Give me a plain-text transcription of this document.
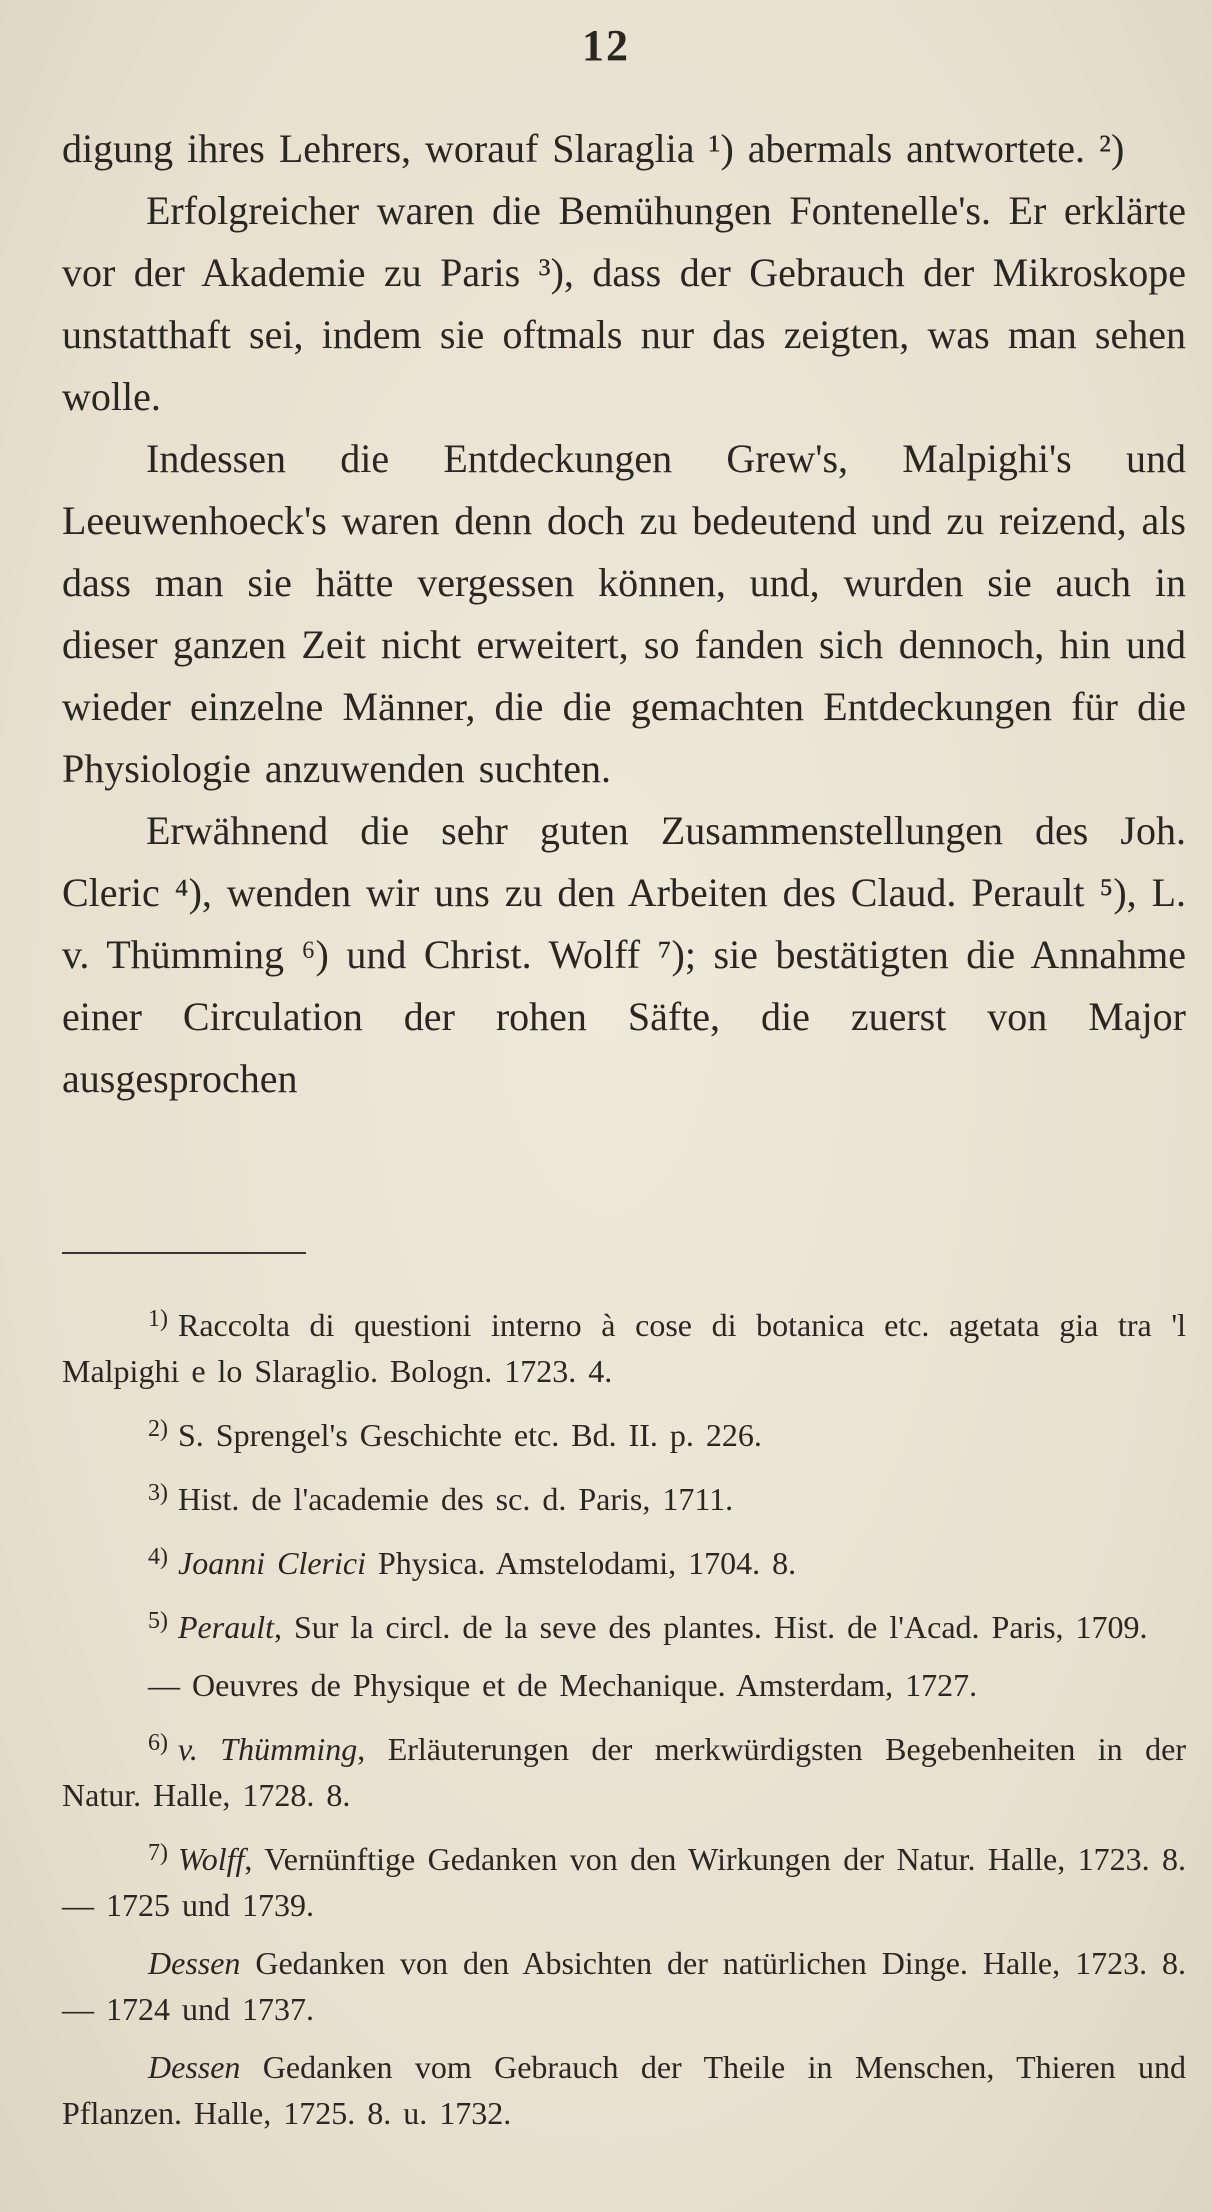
12

digung ihres Lehrers, worauf Slaraglia ¹) abermals antwortete. ²)

Erfolgreicher waren die Bemühungen Fontenelle's. Er erklärte vor der Akademie zu Paris ³), dass der Gebrauch der Mikroskope unstatthaft sei, indem sie oftmals nur das zeigten, was man sehen wolle.

Indessen die Entdeckungen Grew's, Malpighi's und Leeuwenhoeck's waren denn doch zu bedeutend und zu reizend, als dass man sie hätte vergessen können, und, wurden sie auch in dieser ganzen Zeit nicht erweitert, so fanden sich dennoch, hin und wieder einzelne Männer, die die gemachten Entdeckungen für die Physiologie anzuwenden suchten.

Erwähnend die sehr guten Zusammenstellungen des Joh. Cleric ⁴), wenden wir uns zu den Arbeiten des Claud. Perault ⁵), L. v. Thümming ⁶) und Christ. Wolff ⁷); sie bestätigten die Annahme einer Circulation der rohen Säfte, die zuerst von Major ausgesprochen

$^{1)}$ Raccolta di questioni interno à cose di botanica etc. agetata gia tra 'l Malpighi e lo Slaraglio. Bologn. 1723. 4.

$^{2)}$ S. Sprengel's Geschichte etc. Bd. II. p. 226.

$^{3)}$ Hist. de l'academie des sc. d. Paris, 1711.

$^{4)}$ Joanni Clerici Physica. Amstelodami, 1704. 8.

$^{5)}$ Perault, Sur la circl. de la seve des plantes. Hist. de l'Acad. Paris, 1709.

— Oeuvres de Physique et de Mechanique. Amsterdam, 1727.

$^{6)}$ v. Thümming, Erläuterungen der merkwürdigsten Begebenheiten in der Natur. Halle, 1728. 8.

$^{7)}$ Wolff, Vernünftige Gedanken von den Wirkungen der Natur. Halle, 1723. 8. — 1725 und 1739.

Dessen Gedanken von den Absichten der natürlichen Dinge. Halle, 1723. 8. — 1724 und 1737.

Dessen Gedanken vom Gebrauch der Theile in Menschen, Thieren und Pflanzen. Halle, 1725. 8. u. 1732.
